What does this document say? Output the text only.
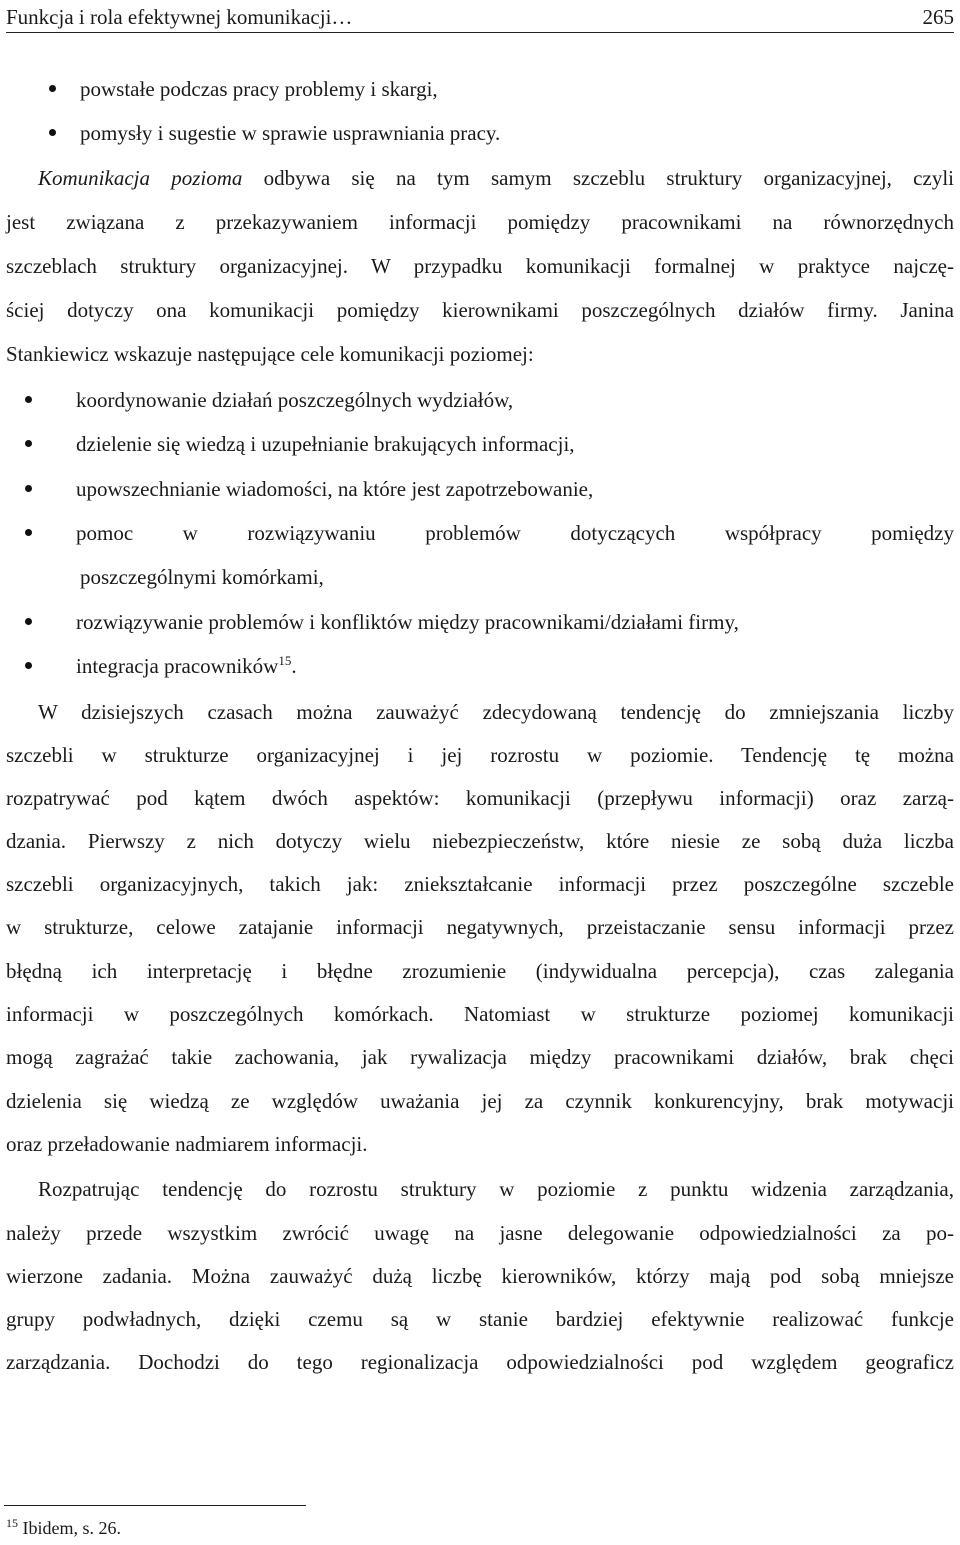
Funkcja i rola efektywnej komunikacji…	265
powstałe podczas pracy problemy i skargi,
pomysły i sugestie w sprawie usprawniania pracy.
Komunikacja pozioma odbywa się na tym samym szczeblu struktury organizacyjnej, czyli
jest związana z przekazywaniem informacji pomiędzy pracownikami na równorzędnych
szczeblach struktury organizacyjnej. W przypadku komunikacji formalnej w praktyce najczę-
ściej dotyczy ona komunikacji pomiędzy kierownikami poszczególnych działów firmy. Janina
Stankiewicz wskazuje następujące cele komunikacji poziomej:
koordynowanie działań poszczególnych wydziałów,
dzielenie się wiedzą i uzupełnianie brakujących informacji,
upowszechnianie wiadomości, na które jest zapotrzebowanie,
pomoc w rozwiązywaniu problemów dotyczących współpracy pomiędzy
poszczególnymi komórkami,
rozwiązywanie problemów i konfliktów między pracownikami/działami firmy,
integracja pracowników$^{15}$.
W dzisiejszych czasach można zauważyć zdecydowaną tendencję do zmniejszania liczby
szczebli w strukturze organizacyjnej i jej rozrostu w poziomie. Tendencję tę można
rozpatrywać pod kątem dwóch aspektów: komunikacji (przepływu informacji) oraz zarzą-
dzania. Pierwszy z nich dotyczy wielu niebezpieczeństw, które niesie ze sobą duża liczba
szczebli organizacyjnych, takich jak: zniekształcanie informacji przez poszczególne szczeble
w strukturze, celowe zatajanie informacji negatywnych, przeistaczanie sensu informacji przez
błędną ich interpretację i błędne zrozumienie (indywidualna percepcja), czas zalegania
informacji w poszczególnych komórkach. Natomiast w strukturze poziomej komunikacji
mogą zagrażać takie zachowania, jak rywalizacja między pracownikami działów, brak chęci
dzielenia się wiedzą ze względów uważania jej za czynnik konkurencyjny, brak motywacji
oraz przeładowanie nadmiarem informacji.
Rozpatrując tendencję do rozrostu struktury w poziomie z punktu widzenia zarządzania,
należy przede wszystkim zwrócić uwagę na jasne delegowanie odpowiedzialności za po-
wierzone zadania. Można zauważyć dużą liczbę kierowników, którzy mają pod sobą mniejsze
grupy podwładnych, dzięki czemu są w stanie bardziej efektywnie realizować funkcje
zarządzania. Dochodzi do tego regionalizacja odpowiedzialności pod względem geograficz
$^{15}$ Ibidem, s. 26.
